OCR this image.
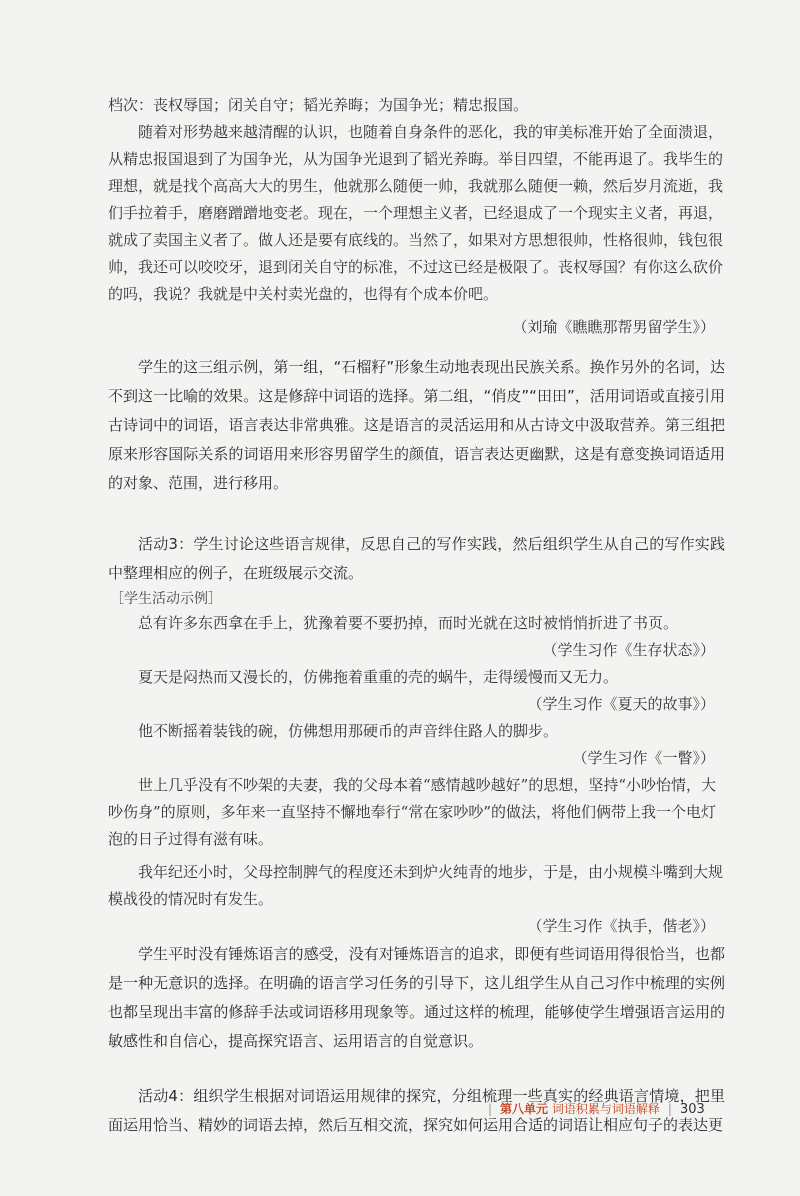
档次：丧权辱国；闭关自守；韬光养晦；为国争光；精忠报国。

随着对形势越来越清醒的认识，也随着自身条件的恶化，我的审美标准开始了全面溃退，从精忠报国退到了为国争光，从为国争光退到了韬光养晦。举目四望，不能再退了。我毕生的理想，就是找个高高大大的男生，他就那么随便一帅，我就那么随便一赖，然后岁月流逝，我们手拉着手，磨磨蹭蹭地变老。现在，一个理想主义者，已经退成了一个现实主义者，再退，就成了卖国主义者了。做人还是要有底线的。当然了，如果对方思想很帅，性格很帅，钱包很帅，我还可以咬咬牙，退到闭关自守的标准，不过这已经是极限了。丧权辱国？有你这么砍价的吗，我说？我就是中关村卖光盘的，也得有个成本价吧。

（刘瑜《瞧瞧那帮男留学生》）

学生的这三组示例，第一组，“石榴籽”形象生动地表现出民族关系。换作另外的名词，达不到这一比喻的效果。这是修辞中词语的选择。第二组，“俏皮”“田田”，活用词语或直接引用古诗词中的词语，语言表达非常典雅。这是语言的灵活运用和从古诗文中汲取营养。第三组把原来形容国际关系的词语用来形容男留学生的颜值，语言表达更幽默，这是有意变换词语适用的对象、范围，进行移用。

活动3：学生讨论这些语言规律，反思自己的写作实践，然后组织学生从自己的写作实践中整理相应的例子，在班级展示交流。

［学生活动示例］

总有许多东西拿在手上，犹豫着要不要扔掉，而时光就在这时被悄悄折进了书页。

（学生习作《生存状态》）

夏天是闷热而又漫长的，仿佛拖着重重的壳的蜗牛，走得缓慢而又无力。

（学生习作《夏天的故事》）

他不断摇着装钱的碗，仿佛想用那硬币的声音绊住路人的脚步。

（学生习作《一瞥》）

世上几乎没有不吵架的夫妻，我的父母本着“感情越吵越好”的思想，坚持“小吵怡情，大吵伤身”的原则，多年来一直坚持不懈地奉行“常在家吵吵”的做法，将他们俩带上我一个电灯泡的日子过得有滋有味。

我年纪还小时，父母控制脾气的程度还未到炉火纯青的地步，于是，由小规模斗嘴到大规模战役的情况时有发生。

（学生习作《执手，偕老》）

学生平时没有锤炼语言的感受，没有对锤炼语言的追求，即便有些词语用得很恰当，也都是一种无意识的选择。在明确的语言学习任务的引导下，这儿组学生从自己习作中梳理的实例也都呈现出丰富的修辞手法或词语移用现象等。通过这样的梳理，能够使学生增强语言运用的敏感性和自信心，提高探究语言、运用语言的自觉意识。

活动4：组织学生根据对词语运用规律的探究，分组梳理一些真实的经典语言情境，把里面运用恰当、精妙的词语去掉，然后互相交流，探究如何运用合适的词语让相应句子的表达更

| 第八单元 词语积累与词语解释 | 303
